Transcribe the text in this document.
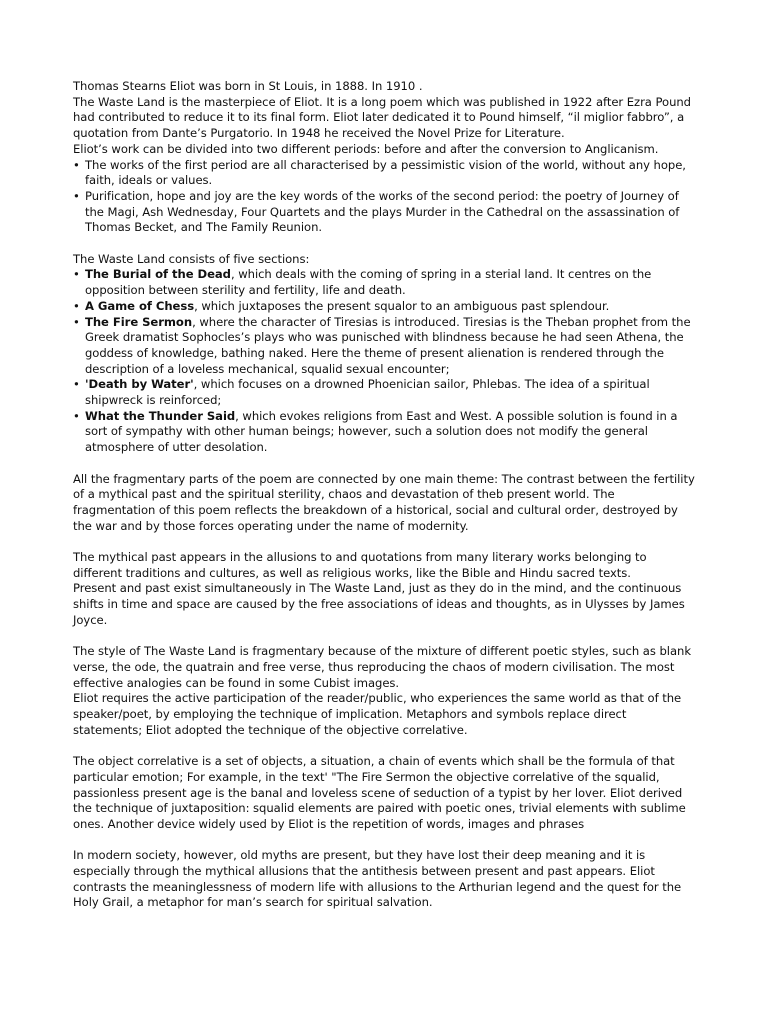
Thomas Stearns Eliot was born in St Louis, in 1888. In 1910 .

The Waste Land is the masterpiece of Eliot. It is a long poem which was published in 1922 after Ezra Pound had contributed to reduce it to its final form. Eliot later dedicated it to Pound himself, “il miglior fabbro”, a quotation from Dante’s Purgatorio. In 1948 he received the Novel Prize for Literature.

Eliot’s work can be divided into two different periods: before and after the conversion to Anglicanism.

• The works of the first period are all characterised by a pessimistic vision of the world, without any hope, faith, ideals or values.
• Purification, hope and joy are the key words of the works of the second period: the poetry of Journey of the Magi, Ash Wednesday, Four Quartets and the plays Murder in the Cathedral on the assassination of Thomas Becket, and The Family Reunion.

The Waste Land consists of five sections:

• The Burial of the Dead, which deals with the coming of spring in a sterial land. It centres on the opposition between sterility and fertility, life and death.
• A Game of Chess, which juxtaposes the present squalor to an ambiguous past splendour.
• The Fire Sermon, where the character of Tiresias is introduced. Tiresias is the Theban prophet from the Greek dramatist Sophocles’s plays who was punisched with blindness because he had seen Athena, the goddess of knowledge, bathing naked. Here the theme of present alienation is rendered through the description of a loveless mechanical, squalid sexual encounter;
• 'Death by Water', which focuses on a drowned Phoenician sailor, Phlebas. The idea of a spiritual shipwreck is reinforced;
• What the Thunder Said, which evokes religions from East and West. A possible solution is found in a sort of sympathy with other human beings; however, such a solution does not modify the general atmosphere of utter desolation.

All the fragmentary parts of the poem are connected by one main theme: The contrast between the fertility of a mythical past and the spiritual sterility, chaos and devastation of theb present world. The fragmentation of this poem reflects the breakdown of a historical, social and cultural order, destroyed by the war and by those forces operating under the name of modernity.

The mythical past appears in the allusions to and quotations from many literary works belonging to different traditions and cultures, as well as religious works, like the Bible and Hindu sacred texts.

Present and past exist simultaneously in The Waste Land, just as they do in the mind, and the continuous shifts in time and space are caused by the free associations of ideas and thoughts, as in Ulysses by James Joyce.

The style of The Waste Land is fragmentary because of the mixture of different poetic styles, such as blank verse, the ode, the quatrain and free verse, thus reproducing the chaos of modern civilisation. The most effective analogies can be found in some Cubist images.

Eliot requires the active participation of the reader/public, who experiences the same world as that of the speaker/poet, by employing the technique of implication. Metaphors and symbols replace direct statements; Eliot adopted the technique of the objective correlative.

The object correlative is a set of objects, a situation, a chain of events which shall be the formula of that particular emotion; For example, in the text' "The Fire Sermon the objective correlative of the squalid, passionless present age is the banal and loveless scene of seduction of a typist by her lover. Eliot derived the technique of juxtaposition: squalid elements are paired with poetic ones, trivial elements with sublime ones. Another device widely used by Eliot is the repetition of words, images and phrases

In modern society, however, old myths are present, but they have lost their deep meaning and it is especially through the mythical allusions that the antithesis between present and past appears. Eliot contrasts the meaninglessness of modern life with allusions to the Arthurian legend and the quest for the Holy Grail, a metaphor for man’s search for spiritual salvation.
